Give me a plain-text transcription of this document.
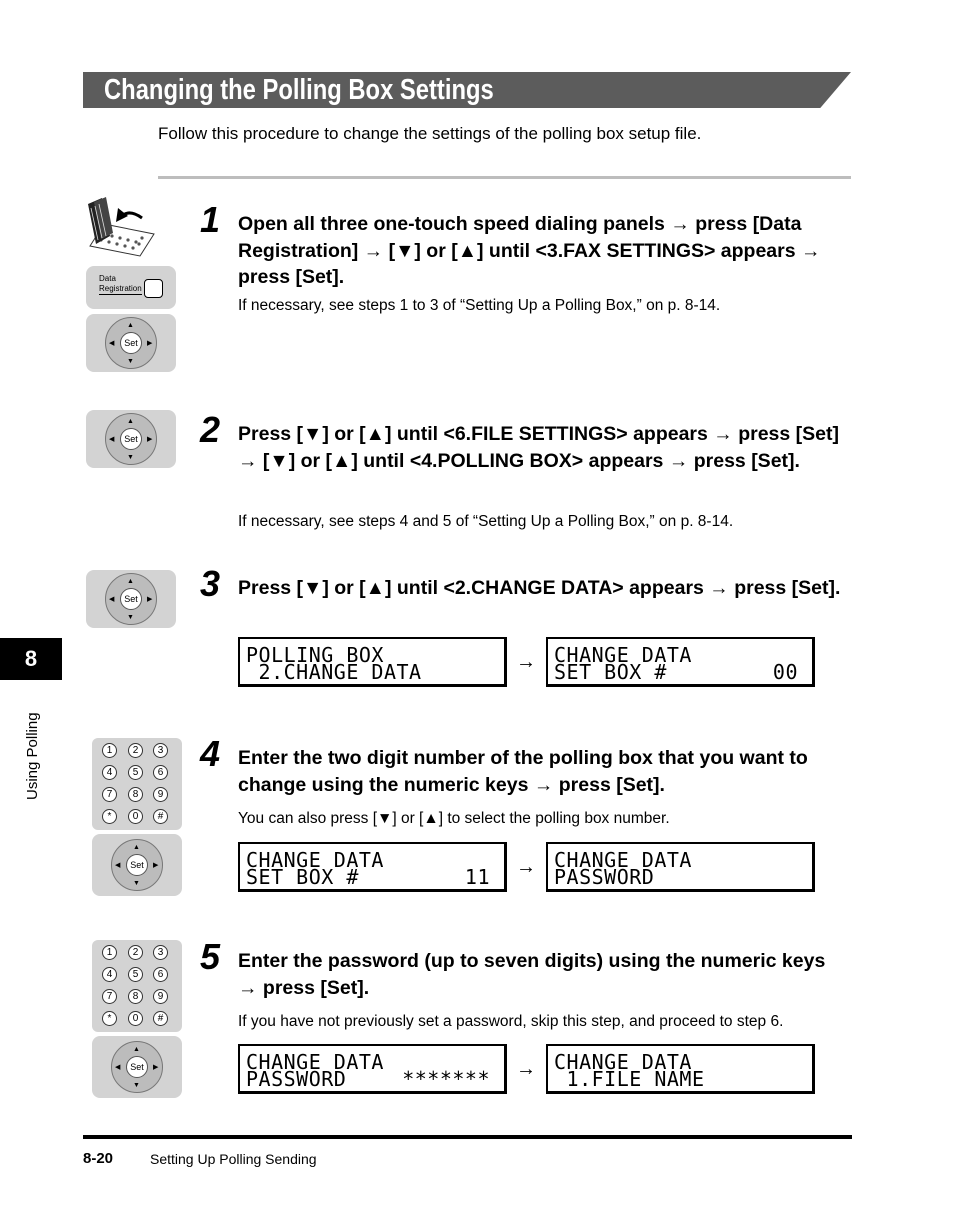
Changing the Polling Box Settings
Follow this procedure to change the settings of the polling box setup file.
Data
Registration
▲
▼
◀	▶
Set
1 Open all three one-touch speed dialing panels → press [Data Registration] → [▼] or [▲] until <3.FAX SETTINGS> appears → press [Set].
If necessary, see steps 1 to 3 of “Setting Up a Polling Box,” on p. 8-14.
▲
▼
◀	▶
Set 2 Press [▼] or [▲] until <6.FILE SETTINGS> appears → press [Set] → [▼] or [▲] until <4.POLLING BOX> appears → press [Set].
If necessary, see steps 4 and 5 of “Setting Up a Polling Box,” on p. 8-14.
▲
▼
◀	▶
Set 3 Press [▼] or [▲] until <2.CHANGE DATA> appears → press [Set].
POLLING BOX
2.CHANGE DATA	→ CHANGE DATA
SET BOX #	00
1	2	3
4	5	6
7	8	9
*	0	#
▲
▼
◀	▶
Set
4 Enter the two digit number of the polling box that you want to change using the numeric keys → press [Set].
You can also press [▼] or [▲] to select the polling box number.
CHANGE DATA
SET BOX #	11 → CHANGE DATA
PASSWORD
1	2	3
4	5	6
7	8	9
*	0	#
▲
▼
◀	▶
Set
5 Enter the password (up to seven digits) using the numeric keys → press [Set].
If you have not previously set a password, skip this step, and proceed to step 6.
CHANGE DATA
PASSWORD	******* → CHANGE DATA
1.FILE NAME
8
Using Polling
8-20	Setting Up Polling Sending
